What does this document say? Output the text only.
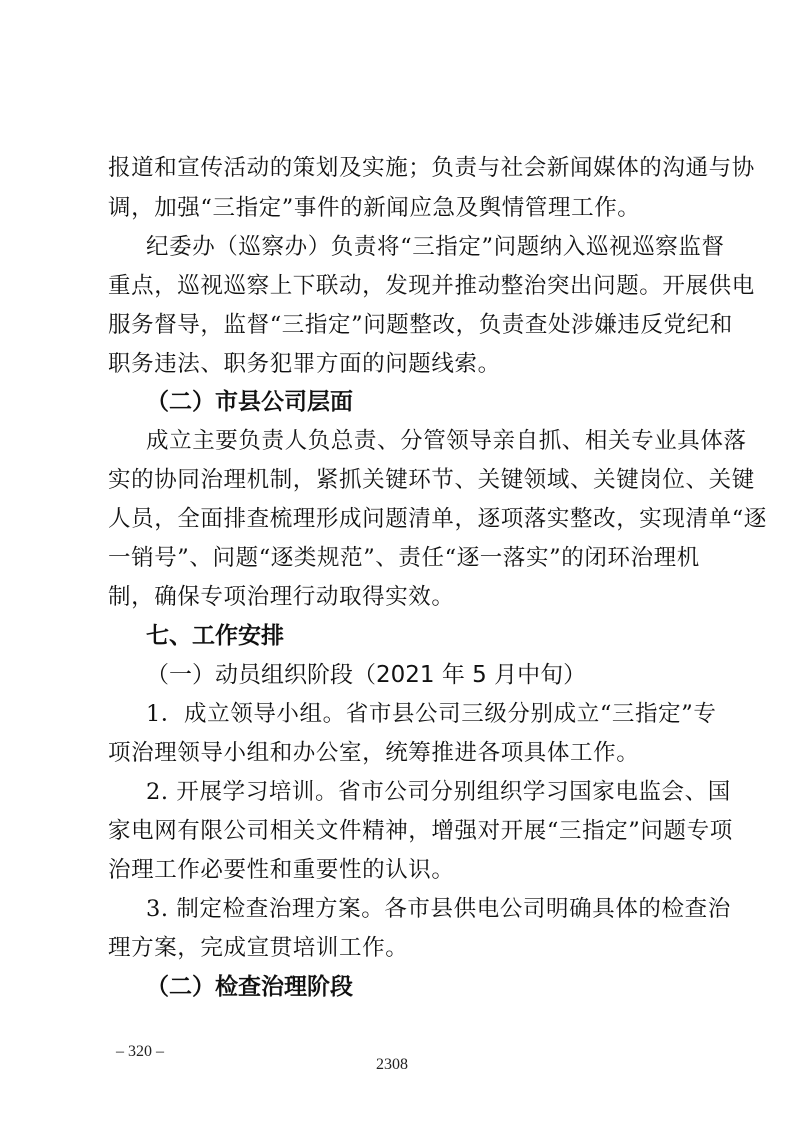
报道和宣传活动的策划及实施；负责与社会新闻媒体的沟通与协
调，加强“三指定”事件的新闻应急及舆情管理工作。
纪委办（巡察办）负责将“三指定”问题纳入巡视巡察监督
重点，巡视巡察上下联动，发现并推动整治突出问题。开展供电
服务督导，监督“三指定”问题整改，负责查处涉嫌违反党纪和
职务违法、职务犯罪方面的问题线索。
（二）市县公司层面
成立主要负责人负总责、分管领导亲自抓、相关专业具体落
实的协同治理机制，紧抓关键环节、关键领域、关键岗位、关键
人员，全面排查梳理形成问题清单，逐项落实整改，实现清单“逐
一销号”、问题“逐类规范”、责任“逐一落实”的闭环治理机
制，确保专项治理行动取得实效。
七、工作安排
（一）动员组织阶段（2021 年 5 月中旬）
1．成立领导小组。省市县公司三级分别成立“三指定”专
项治理领导小组和办公室，统筹推进各项具体工作。
2. 开展学习培训。省市公司分别组织学习国家电监会、国
家电网有限公司相关文件精神，增强对开展“三指定”问题专项
治理工作必要性和重要性的认识。
3. 制定检查治理方案。各市县供电公司明确具体的检查治
理方案，完成宣贯培训工作。
（二）检查治理阶段
– 320 –
2308
